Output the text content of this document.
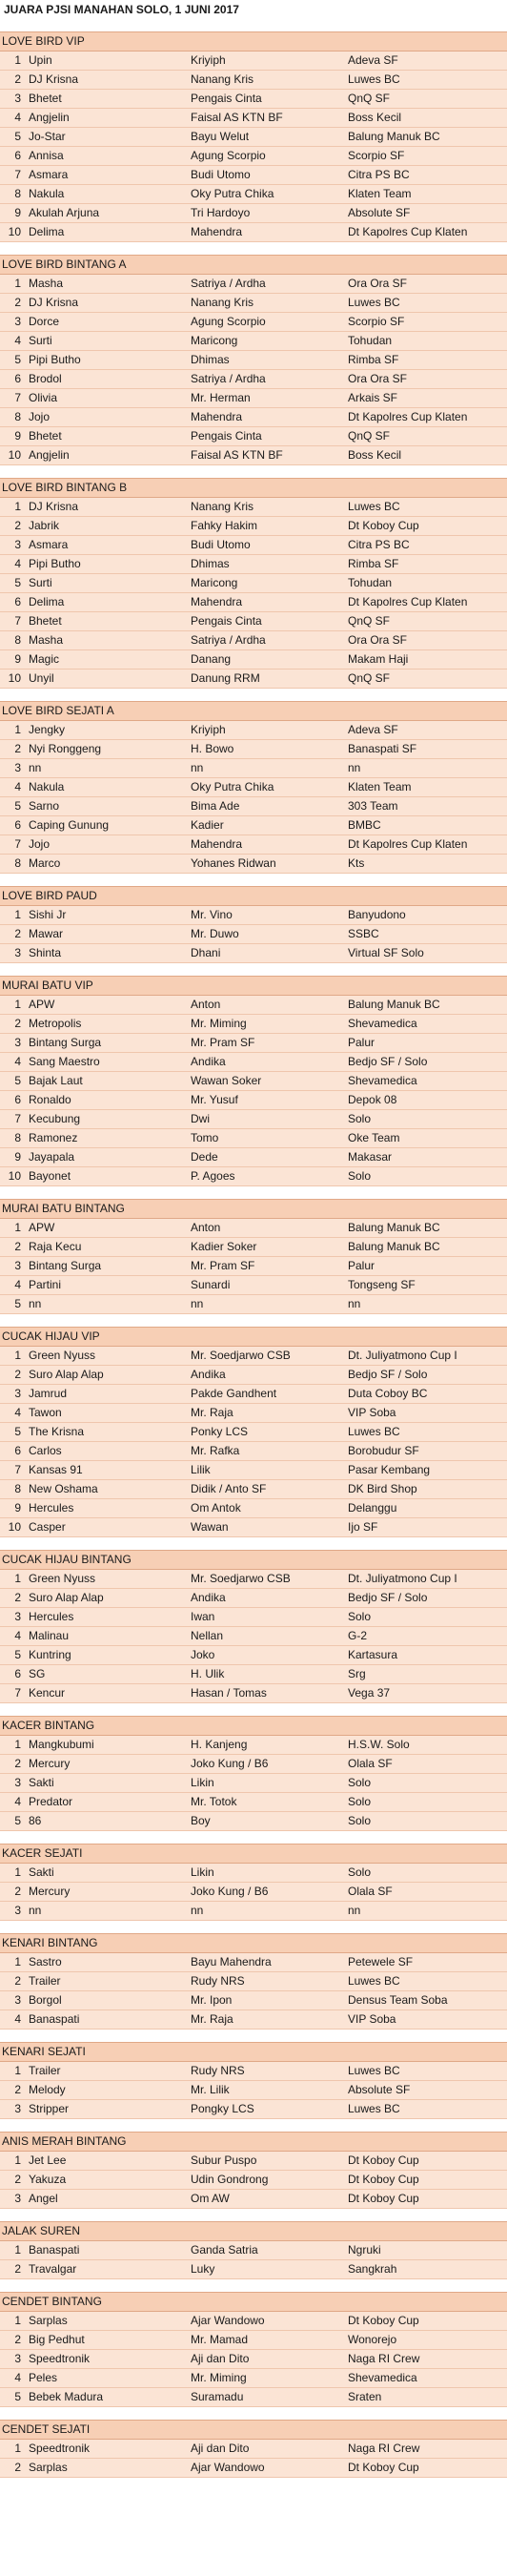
JUARA PJSI MANAHAN SOLO, 1 JUNI 2017
LOVE BIRD VIP
1 Upin	Kriyiph	Adeva SF
2 DJ Krisna	Nanang Kris	Luwes BC
3 Bhetet	Pengais Cinta	QnQ SF
4 Angjelin	Faisal AS KTN BF	Boss Kecil
5 Jo-Star	Bayu Welut	Balung Manuk BC
6 Annisa	Agung Scorpio	Scorpio SF
7 Asmara	Budi Utomo	Citra PS BC
8 Nakula	Oky Putra Chika	Klaten Team
9 Akulah Arjuna	Tri Hardoyo	Absolute SF
10 Delima	Mahendra	Dt Kapolres Cup Klaten
LOVE BIRD BINTANG A
1 Masha	Satriya / Ardha	Ora Ora SF
2 DJ Krisna	Nanang Kris	Luwes BC
3 Dorce	Agung Scorpio	Scorpio SF
4 Surti	Maricong	Tohudan
5 Pipi Butho	Dhimas	Rimba SF
6 Brodol	Satriya / Ardha	Ora Ora SF
7 Olivia	Mr. Herman	Arkais SF
8 Jojo	Mahendra	Dt Kapolres Cup Klaten
9 Bhetet	Pengais Cinta	QnQ SF
10 Angjelin	Faisal AS KTN BF	Boss Kecil
LOVE BIRD BINTANG B
1 DJ Krisna	Nanang Kris	Luwes BC
2 Jabrik	Fahky Hakim	Dt Koboy Cup
3 Asmara	Budi Utomo	Citra PS BC
4 Pipi Butho	Dhimas	Rimba SF
5 Surti	Maricong	Tohudan
6 Delima	Mahendra	Dt Kapolres Cup Klaten
7 Bhetet	Pengais Cinta	QnQ SF
8 Masha	Satriya / Ardha	Ora Ora SF
9 Magic	Danang	Makam Haji
10 Unyil	Danung RRM	QnQ SF
LOVE BIRD SEJATI A
1 Jengky	Kriyiph	Adeva SF
2 Nyi Ronggeng	H. Bowo	Banaspati SF
3 nn	nn	nn
4 Nakula	Oky Putra Chika	Klaten Team
5 Sarno	Bima Ade	303 Team
6 Caping Gunung	Kadier	BMBC
7 Jojo	Mahendra	Dt Kapolres Cup Klaten
8 Marco	Yohanes Ridwan	Kts
LOVE BIRD PAUD
1 Sishi Jr	Mr. Vino	Banyudono
2 Mawar	Mr. Duwo	SSBC
3 Shinta	Dhani	Virtual SF Solo
MURAI BATU VIP
1 APW	Anton	Balung Manuk BC
2 Metropolis	Mr. Miming	Shevamedica
3 Bintang Surga	Mr. Pram SF	Palur
4 Sang Maestro	Andika	Bedjo SF / Solo
5 Bajak Laut	Wawan Soker	Shevamedica
6 Ronaldo	Mr. Yusuf	Depok 08
7 Kecubung	Dwi	Solo
8 Ramonez	Tomo	Oke Team
9 Jayapala	Dede	Makasar
10 Bayonet	P. Agoes	Solo
MURAI BATU BINTANG
1 APW	Anton	Balung Manuk BC
2 Raja Kecu	Kadier Soker	Balung Manuk BC
3 Bintang Surga	Mr. Pram SF	Palur
4 Partini	Sunardi	Tongseng SF
5 nn	nn	nn
CUCAK HIJAU VIP
1 Green Nyuss	Mr. Soedjarwo CSB	Dt. Juliyatmono Cup I
2 Suro Alap Alap	Andika	Bedjo SF / Solo
3 Jamrud	Pakde Gandhent	Duta Coboy BC
4 Tawon	Mr. Raja	VIP Soba
5 The Krisna	Ponky LCS	Luwes BC
6 Carlos	Mr. Rafka	Borobudur SF
7 Kansas 91	Lilik	Pasar Kembang
8 New Oshama	Didik / Anto SF	DK Bird Shop
9 Hercules	Om Antok	Delanggu
10 Casper	Wawan	Ijo SF
CUCAK HIJAU BINTANG
1 Green Nyuss	Mr. Soedjarwo CSB	Dt. Juliyatmono Cup I
2 Suro Alap Alap	Andika	Bedjo SF / Solo
3 Hercules	Iwan	Solo
4 Malinau	Nellan	G-2
5 Kuntring	Joko	Kartasura
6 SG	H. Ulik	Srg
7 Kencur	Hasan / Tomas	Vega 37
KACER BINTANG
1 Mangkubumi	H. Kanjeng	H.S.W. Solo
2 Mercury	Joko Kung / B6	Olala SF
3 Sakti	Likin	Solo
4 Predator	Mr. Totok	Solo
5 86	Boy	Solo
KACER SEJATI
1 Sakti	Likin	Solo
2 Mercury	Joko Kung / B6	Olala SF
3 nn	nn	nn
KENARI BINTANG
1 Sastro	Bayu Mahendra	Petewele SF
2 Trailer	Rudy NRS	Luwes BC
3 Borgol	Mr. Ipon	Densus Team Soba
4 Banaspati	Mr. Raja	VIP Soba
KENARI SEJATI
1 Trailer	Rudy NRS	Luwes BC
2 Melody	Mr. Lilik	Absolute SF
3 Stripper	Pongky LCS	Luwes BC
ANIS MERAH BINTANG
1 Jet Lee	Subur Puspo	Dt Koboy Cup
2 Yakuza	Udin Gondrong	Dt Koboy Cup
3 Angel	Om AW	Dt Koboy Cup
JALAK SUREN
1 Banaspati	Ganda Satria	Ngruki
2 Travalgar	Luky	Sangkrah
CENDET BINTANG
1 Sarplas	Ajar Wandowo	Dt Koboy Cup
2 Big Pedhut	Mr. Mamad	Wonorejo
3 Speedtronik	Aji dan Dito	Naga RI Crew
4 Peles	Mr. Miming	Shevamedica
5 Bebek Madura	Suramadu	Sraten
CENDET SEJATI
1 Speedtronik	Aji dan Dito	Naga RI Crew
2 Sarplas	Ajar Wandowo	Dt Koboy Cup
